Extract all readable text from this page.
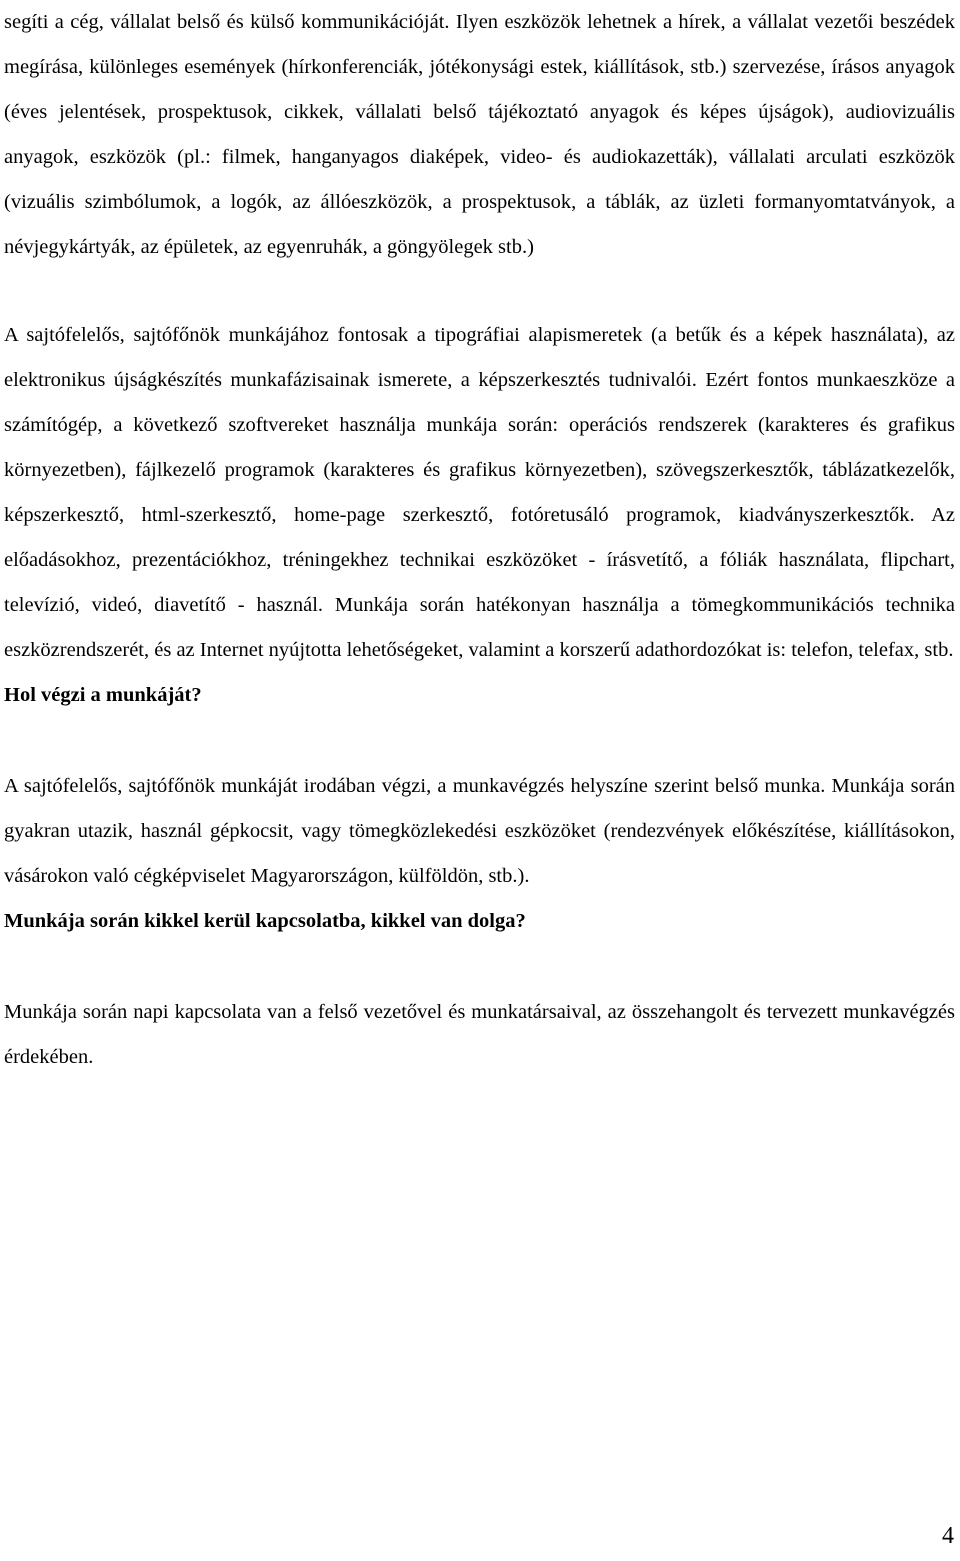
segíti a cég, vállalat belső és külső kommunikációját. Ilyen eszközök lehetnek a hírek, a vállalat vezetői beszédek megírása, különleges események (hírkonferenciák, jótékonysági estek, kiállítások, stb.) szervezése, írásos anyagok (éves jelentések, prospektusok, cikkek, vállalati belső tájékoztató anyagok és képes újságok), audiovizuális anyagok, eszközök (pl.: filmek, hanganyagos diaképek, video- és audiokazetták), vállalati arculati eszközök (vizuális szimbólumok, a logók, az állóeszközök, a prospektusok, a táblák, az üzleti formanyomtatványok, a névjegykártyák, az épületek, az egyenruhák, a göngyölegek stb.)

A sajtófelelős, sajtófőnök munkájához fontosak a tipográfiai alapismeretek (a betűk és a képek használata), az elektronikus újságkészítés munkafázisainak ismerete, a képszerkesztés tudnivalói. Ezért fontos munkaeszköze a számítógép, a következő szoftvereket használja munkája során: operációs rendszerek (karakteres és grafikus környezetben), fájlkezelő programok (karakteres és grafikus környezetben), szövegszerkesztők, táblázatkezelők, képszerkesztő, html-szerkesztő, home-page szerkesztő, fotóretusáló programok, kiadványszerkesztők. Az előadásokhoz, prezentációkhoz, tréningekhez technikai eszközöket - írásvetítő, a fóliák használata, flipchart, televízió, videó, diavetítő - használ. Munkája során hatékonyan használja a tömegkommunikációs technika eszközrendszerét, és az Internet nyújtotta lehetőségeket, valamint a korszerű adathordozókat is: telefon, telefax, stb.

Hol végzi a munkáját?

A sajtófelelős, sajtófőnök munkáját irodában végzi, a munkavégzés helyszíne szerint belső munka. Munkája során gyakran utazik, használ gépkocsit, vagy tömegközlekedési eszközöket (rendezvények előkészítése, kiállításokon, vásárokon való cégképviselet Magyarországon, külföldön, stb.).

Munkája során kikkel kerül kapcsolatba, kikkel van dolga?

Munkája során napi kapcsolata van a felső vezetővel és munkatársaival, az összehangolt és tervezett munkavégzés érdekében.

4
